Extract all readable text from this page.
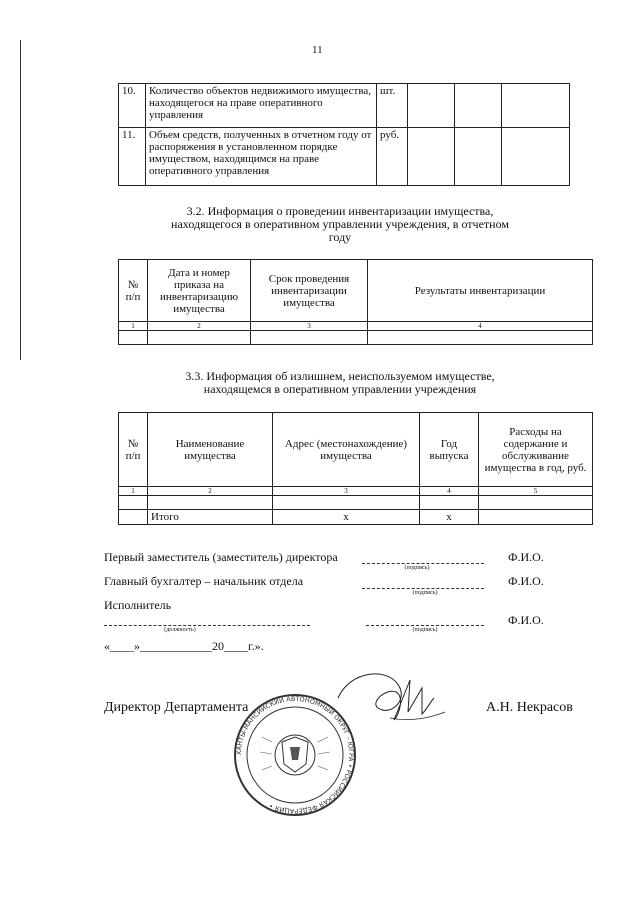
11
10.	Количество объектов недвижимого имущества, находящегося на праве оперативного управления	шт.			
11.	Объем средств, полученных в отчетном году от распоряжения в установленном порядке имуществом, находящимся на праве оперативного управления	руб.			
3.2. Информация о проведении инвентаризации имущества, находящегося в оперативном управлении учреждения, в отчетном году
№ п/п	Дата и номер приказа на инвентаризацию имущества	Срок проведения инвентаризации имущества	Результаты инвентаризации
1	2	3	4

3.3. Информация об излишнем, неиспользуемом имуществе, находящемся в оперативном управлении учреждения
№ п/п	Наименование имущества	Адрес (местонахождение) имущества	Год выпуска	Расходы на содержание и обслуживание имущества в год, руб.
1	2	3	4	5

	Итого	х	х	
Первый заместитель (заместитель) директора
(подпись)
Ф.И.О.
Главный бухгалтер – начальник отдела
(подпись)
Ф.И.О.
Исполнитель
(должность)	(подпись)
Ф.И.О.
«____»____________20____г.».
Директор Департамента	А.Н. Некрасов
ХАНТЫ-МАНСИЙСКИЙ АВТОНОМНЫЙ ОКРУГ – ЮГРА • РОССИЙСКАЯ ФЕДЕРАЦИЯ •
